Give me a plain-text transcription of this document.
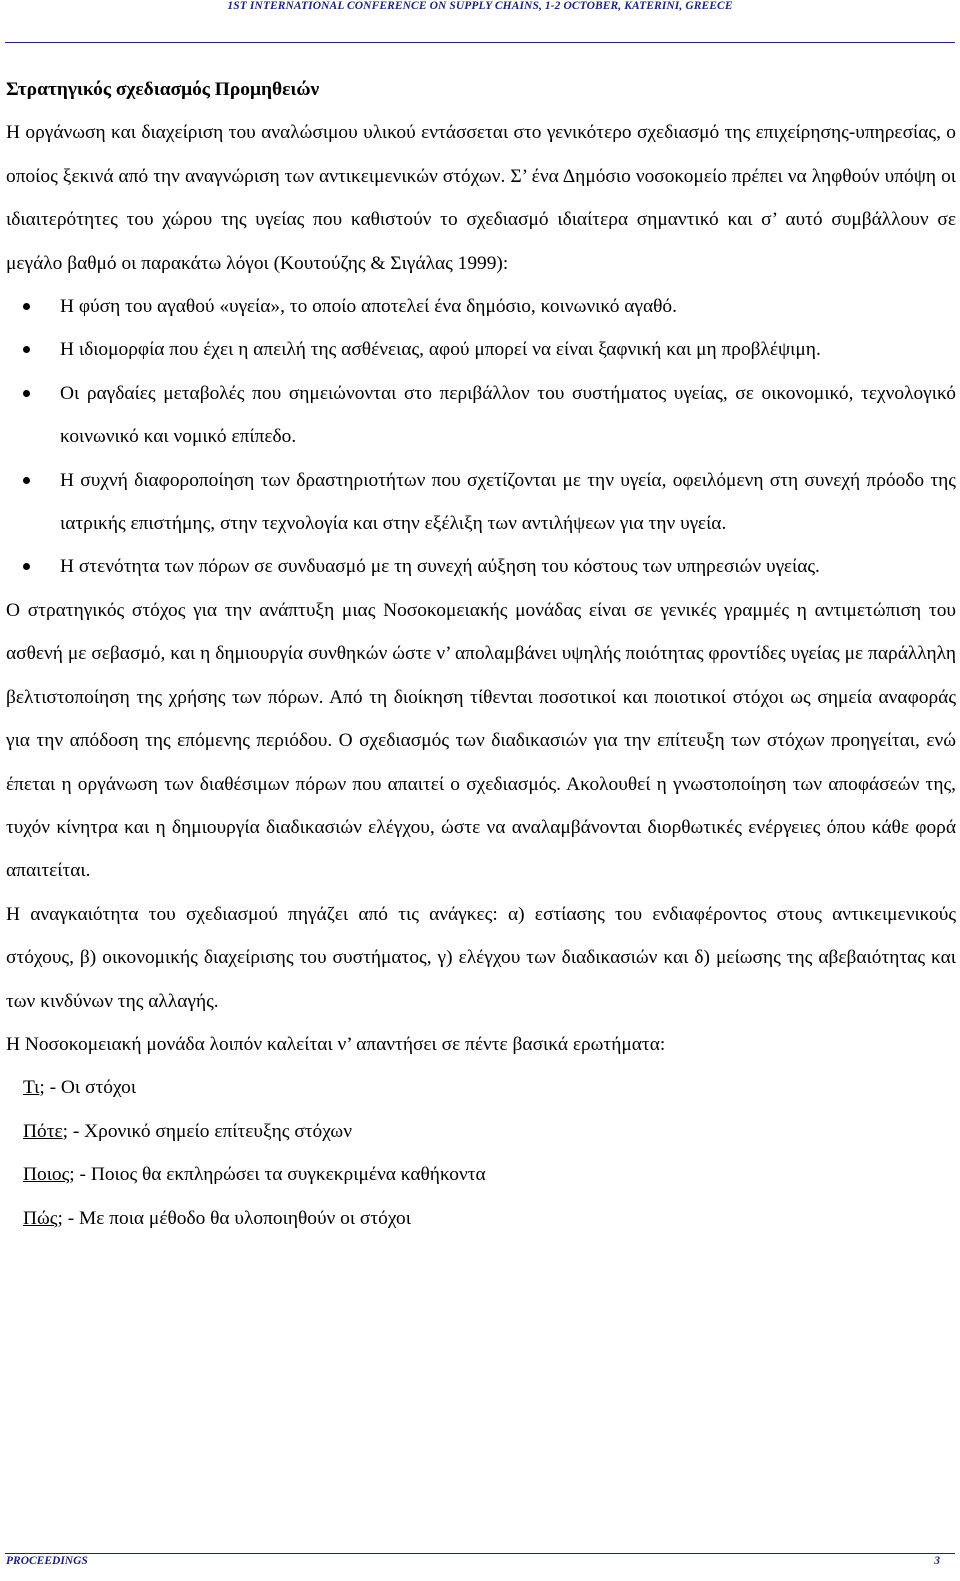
1ST INTERNATIONAL CONFERENCE ON SUPPLY CHAINS, 1-2 OCTOBER, KATERINI, GREECE

Στρατηγικός σχεδιασμός Προμηθειών

Η οργάνωση και διαχείριση του αναλώσιμου υλικού εντάσσεται στο γενικότερο σχεδιασμό της επιχείρησης-υπηρεσίας, ο οποίος ξεκινά από την αναγνώριση των αντικειμενικών στόχων. Σ’ ένα Δημόσιο νοσοκομείο πρέπει να ληφθούν υπόψη οι ιδιαιτερότητες του χώρου της υγείας που καθιστούν το σχεδιασμό ιδιαίτερα σημαντικό και σ’ αυτό συμβάλλουν σε μεγάλο βαθμό οι παρακάτω λόγοι (Κουτούζης & Σιγάλας 1999):

Η φύση του αγαθού «υγεία», το οποίο αποτελεί ένα δημόσιο, κοινωνικό αγαθό.
Η ιδιομορφία που έχει η απειλή της ασθένειας, αφού μπορεί να είναι ξαφνική και μη προβλέψιμη.
Οι ραγδαίες μεταβολές που σημειώνονται στο περιβάλλον του συστήματος υγείας, σε οικονομικό, τεχνολογικό κοινωνικό και νομικό επίπεδο.
Η συχνή διαφοροποίηση των δραστηριοτήτων που σχετίζονται με την υγεία, οφειλόμενη στη συνεχή πρόοδο της ιατρικής επιστήμης, στην τεχνολογία και στην εξέλιξη των αντιλήψεων για την υγεία.
Η στενότητα των πόρων σε συνδυασμό με τη συνεχή αύξηση του κόστους των υπηρεσιών υγείας.

Ο στρατηγικός στόχος για την ανάπτυξη μιας Νοσοκομειακής μονάδας είναι σε γενικές γραμμές η αντιμετώπιση του ασθενή με σεβασμό, και η δημιουργία συνθηκών ώστε ν’ απολαμβάνει υψηλής ποιότητας φροντίδες υγείας με παράλληλη βελτιστοποίηση της χρήσης των πόρων. Από τη διοίκηση τίθενται ποσοτικοί και ποιοτικοί στόχοι ως σημεία αναφοράς για την απόδοση της επόμενης περιόδου. Ο σχεδιασμός των διαδικασιών για την επίτευξη των στόχων προηγείται, ενώ έπεται η οργάνωση των διαθέσιμων πόρων που απαιτεί ο σχεδιασμός. Ακολουθεί η γνωστοποίηση των αποφάσεών της, τυχόν κίνητρα και η δημιουργία διαδικασιών ελέγχου, ώστε να αναλαμβάνονται διορθωτικές ενέργειες όπου κάθε φορά απαιτείται.

Η αναγκαιότητα του σχεδιασμού πηγάζει από τις ανάγκες: α) εστίασης του ενδιαφέροντος στους αντικειμενικούς στόχους, β) οικονομικής διαχείρισης του συστήματος, γ) ελέγχου των διαδικασιών και δ) μείωσης της αβεβαιότητας και των κινδύνων της αλλαγής.

Η Νοσοκομειακή μονάδα λοιπόν καλείται ν’ απαντήσει σε πέντε βασικά ερωτήματα:

Τι; - Οι στόχοι
Πότε; - Χρονικό σημείο επίτευξης στόχων
Ποιος; - Ποιος θα εκπληρώσει τα συγκεκριμένα καθήκοντα
Πώς; - Με ποια μέθοδο θα υλοποιηθούν οι στόχοι
PROCEEDINGS	3
